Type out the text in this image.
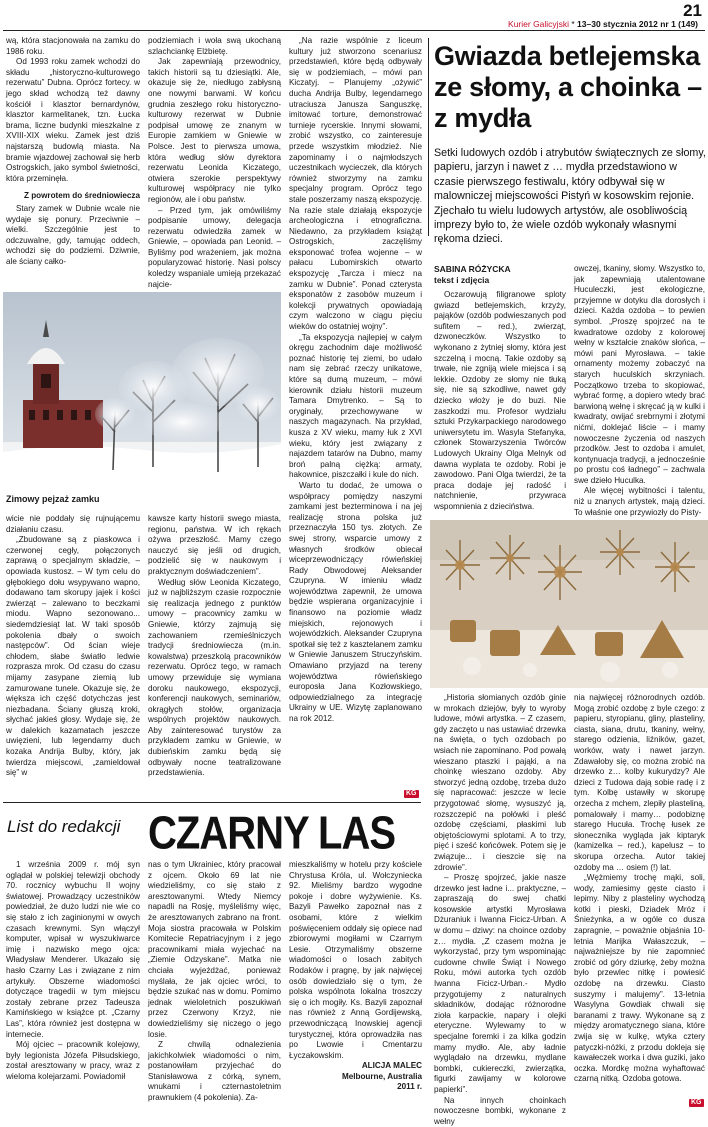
21
Kurier Galicyjski * 13–30 stycznia 2012 nr 1 (149)

wą, która stacjonowała na zamku do 1986 roku.

Od 1993 roku zamek wchodzi do składu „historyczno-kulturowego rezerwatu” Dubna. Oprócz fortecy. w jego skład wchodzą też dawny kościół i klasztor bernardynów, klasztor karmelitanek, tzn. Łucka brama, liczne budynki mieszkalne z XVIII-XIX wieku. Zamek jest dziś najstarszą budowlą miasta. Na bramie wjazdowej zachował się herb Ostrogskich, jako symbol świetności, która przeminęła.

Z powrotem do średniowiecza

Stary zamek w Dubnie wcale nie wydaje się ponury. Przeciwnie – wielki. Szczególnie jest to odczuwalne, gdy, tamując oddech, wchodzi się do podziemi. Dziwnie, ale ściany całko-

podziemiach i woła swą ukochaną szlachciankę Elżbietę.

Jak zapewniają przewodnicy, takich historii są tu dziesiątki. Ale, okazuje się że, niedługo zabłysną one nowymi barwami. W końcu grudnia zeszłego roku historyczno-kulturowy rezerwat w Dubnie podpisał umowę ze znanym w Europie zamkiem w Gniewie w Polsce. Jest to pierwsza umowa, która według słów dyrektora rezerwatu Leonida Kiczatego, otwiera szerokie perspektywy kulturowej współpracy nie tylko regionów, ale i obu państw.

– Przed tym, jak omówiliśmy podpisanie umowy, delegacja rezerwatu odwiedziła zamek w Gniewie, – opowiada pan Leonid. – Byliśmy pod wrażeniem, jak można popularyzować historię. Nasi polscy koledzy wspaniale umieją przekazać najcie-

Zimowy pejzaż zamku

wicie nie poddały się rujnującemu działaniu czasu.

„Zbudowane są z piaskowca i czerwonej cegły, połączonych zaprawą o specjalnym składzie, – opowiada kustosz. – W tym celu do głębokiego dołu wsypywano wapno, dodawano tam skorupy jajek i kości zwierząt – zalewano to beczkami miodu. Wapno sezonowano... siedemdziesiąt lat. W taki sposób pokolenia dbały o swoich następców”. Od ścian wieje chłodem, słabe światło ledwie rozprasza mrok. Od czasu do czasu mijamy zasypane ziemią lub zamurowane tunele. Okazuje się, że większa ich część dotychczas jest niezbadana. Ściany głuszą kroki, słychać jakieś głosy. Wydaje się, że w dalekich kazamatach jeszcze uwięzieni, lub legendarny duch kozaka Andrija Bulby, który, jak twierdza miejscowi, „zamieldował się” w

kawsze karty historii swego miasta, regionu, państwa. W ich rękach ożywa przeszłość. Mamy czego nauczyć się jeśli od drugich, podzielić się w naukowym i praktycznym doświadczeniem”.

Według słów Leonida Kiczatego, już w najbliższym czasie rozpocznie się realizacja jednego z punktów umowy – pracownicy zamku w Gniewie, którzy zajmują się zachowaniem rzemieślniczych tradycji średniowiecza (m.in. kowalstwa) przeszkolą pracowników rezerwatu. Oprócz tego, w ramach umowy przewiduje się wymiana doroku naukowego, ekspozycji, konferencji naukowych, seminariów, okrągłych stołów, organizacja wspólnych projektów naukowych. Aby zainteresować turystów za przykładem zamku w Gniewie, w dubieńskim zamku będą się odbywały nocne teatralizowane przedstawienia.

„Na razie wspólnie z liceum kultury już stworzono scenariusz przedstawień, które będą odbywały się w podziemiach, – mówi pan Kiczatyj. – Planujemy „ożywić” ducha Andrija Bulby, legendarnego utraciusza Janusza Sanguszkę, imitować torture, demonstrować turnieje rycerskie. Innymi słowami, zrobić wszystko, co zainteresuje przede wszystkim młodzież. Nie zapominamy i o najmłodszych uczestnikach wycieczek, dla których również stworzymy na zamku specjalny program. Oprócz tego stale poszerzamy naszą ekspozycję. Na razie stale działają ekspozycje archeologiczna i etnograficzna. Niedawno, za przykładem książąt Ostrogskich, zaczęliśmy eksponować trofea wojenne – w pałacu Lubomirskich otwarto ekspozycję „Tarcza i miecz na zamku w Dubnie”. Ponad czterysta eksponatów z zasobów muzeum i kolekcji prywatnych opowiadają czym walczono w ciągu pięciu wieków do ostatniej wojny”.

„Ta ekspozycja najlepiej w całym okręgu zachodnim daje możliwość poznać historię tej ziemi, bo udało nam się zebrać rzeczy unikatowe, które są dumą muzeum, – mówi kierownik działu historii muzeum Tamara Dmytrenko. – Są to oryginały, przechowywane w naszych magazynach. Na przykład, kusza z XV wieku, mamy łuk z XVI wieku, który jest związany z najazdem tatarów na Dubno, mamy broń palną ciężką: armaty, hakownice, piszczałki i kule do nich.

Warto tu dodać, że umowa o współpracy pomiędzy naszymi zamkami jest bezterminowa i na jej realizację strona polska już przeznaczyła 150 tys. złotych. Ze swej strony, wsparcie umowy z własnych środków obiecał wiceprzewodniczący rówieńskiej Rady Obwodowej Aleksander Czupryna. W imieniu władz województwa zapewnił, że umowa będzie wspierana organizacyjnie i finansowo na poziomie władz miejskich, rejonowych i wojewódzkich. Aleksander Czupryna spotkał się też z kasztelanem zamku w Gniewie Januszem Struczyńskim. Omawiano przyjazd na tereny województwa rówieńskiego europosła Jana Kozłowskiego, odpowiedzialnego za integrację Ukrainy w UE. Wizytę zaplanowano na rok 2012.

KG
Gwiazda betlejemska ze słomy, a choinka – z mydła
Setki ludowych ozdób i atrybutów świątecznych ze słomy, papieru, jarzyn i nawet z … mydła przedstawiono w czasie pierwszego festiwalu, który odbywał się w malowniczej miejscowości Pistyń w kosowskim rejonie. Zjechało tu wielu ludowych artystów, ale osobliwością imprezy było to, że wiele ozdób wykonały własnymi rękoma dzieci.
SABINA RÓŻYCKA
tekst i zdjęcia

Oczarowują filigranowe sploty gwiazd betlejemskich, krzyży, pająków (ozdób podwieszanych pod sufitem – red.), zwierząt, dzwoneczków. Wszystko to wykonano z żytniej słomy, która jest szczelną i mocną. Takie ozdoby są trwałe, nie zgniją wiele miejsca i są lekkie. Ozdoby ze słomy nie tłuką się, nie są szkodliwe, nawet gdy dziecko włoży je do buzi. Nie zaszkodzi mu. Profesor wydziału sztuki Przykarpackiego narodowego uniwersytetu im. Wasyla Stefanyka, członek Stowarzyszenia Twórców Ludowych Ukrainy Olga Melnyk od dawna wyplata te ozdoby. Robi je zawodowo. Pani Olga twierdzi, że ta praca dodaje jej radość i natchnienie, przywraca wspomnienia z dzieciństwa.

owczej, tkaniny, słomy. Wszystko to, jak zapewniają utalentowane Huculeczki, jest ekologiczne, przyjemne w dotyku dla dorosłych i dzieci. Każda ozdoba – to pewien symbol. „Proszę spojrzeć na te kwadratowe ozdoby z kolorowej wełny w kształcie znaków słońca, – mówi pani Myrosława. – takie ornamenty możemy zobaczyć na starych huculskich skrzyniach. Początkowo trzeba to skopiować, wybrać formę, a dopiero wtedy brać barwioną wełnę i skręcać ją w kulki i kwadraty, owijać srebrnymi i złotymi nićmi, doklejać liście – i mamy nowoczesne życzenia od naszych przodków. Jest to ozdoba i amulet, kontynuacja tradycji, a jednocześnie po prostu coś ładnego” – zachwala swe dzieło Huculka.

Ale więcej wybitności i talentu, niż u znanych artystek, mają dzieci. To właśnie one przywiozły do Pisty-

„Historia słomianych ozdób ginie w mrokach dziejów, były to wyroby ludowe, mówi artystka. – Z czasem, gdy zaczęto u nas ustawiać drzewka na święta, o tych ozdobach po wsiach nie zapominano. Pod powałą wieszano ptaszki i pająki, a na choinkę wieszano ozdoby. Aby stworzyć jedną ozdobę, trzeba dużo się napracować: jeszcze w lecie przygotować słomę, wysuszyć ją, rozszczepić na połówki i pleść ozdobę częściami, płaskimi lub objętościowymi splotami. A to trzy, pięć i sześć końcówek. Potem się je związuje... i cieszcie się na zdrowie”.

– Proszę spojrzeć, jakie nasze drzewko jest ładne i... praktyczne, – zapraszają do swej chatki kosowskie artystki Myrosława Dżuraniuk i Iwanna Ficicz-Urban. A w domu – dziwy: na choince ozdoby z… mydła. „Z czasem można je wykorzystać, przy tym wspominając cudowne chwile Świąt i Nowego Roku, mówi autorka tych ozdób Iwanna Ficicz-Urban.- Mydło przygotujemy z naturalnych składników, dodając różnorodne zioła karpackie, napary i olejki eteryczne. Wylewamy to w specjalne foremki i za kilka godzin mamy mydło. Ale, aby ładnie wyglądało na drzewku, mydlane bombki, cukiereczki, zwierzątka, figurki zawijamy w kolorowe papierki”.

Na innych choinkach nowoczesne bombki, wykonane z wełny

nia najwięcej różnorodnych ozdób. Mogą zrobić ozdobę z byle czego: z papieru, styropianu, gliny, plasteliny, ciasta, siana, drutu, tkaniny, wełny, starego odzienia, liźników, gazet, worków, waty i nawet jarzyn. Zdawałoby się, co można zrobić na drzewko z… kolby kukurydzy? Ale dzieci z Tudowa dają sobie radę i z tym. Kolbę ustawiły w skorupę orzecha z mchem, zlepiły plasteliną, pomalowały i mamy… podobiznę starego Hucuła. Trochę łusek ze słonecznika wygląda jak kiptaryk (kamizelka – red.), kapelusz – to skorupa orzecha. Autor takiej ozdoby ma … osiem (!) lat.

„Wężmiemy trochę mąki, soli, wody, zamiesimy gęste ciasto i lepimy. Niby z plasteliny wychodzą kotki i pieski, Dziadek Mróz i Śnieżynka, a w ogóle co dusza zapragnie, – poważnie objaśnia 10-letnia Marijka Wałaszczuk, – najważniejsze by nie zapomnieć zrobić od góry dziurkę, żeby można było przewlec nitkę i powiesić ozdobę na drzewku. Ciasto suszymy i malujemy”. 13-letnia Wasylyna Gowdiak chwali się baranami z trawy. Wykonane są z między aromatycznego siana, które zwija się w kulkę, wtyka cztery patyczki-nóżki, z przodu dokleja się kawałeczek worka i dwa guziki, jako oczka. Mordkę można wyhaftować czarną nitką. Ozdoba gotowa.

KG
List do redakcji CZARNY LAS

1 września 2009 r. mój syn oglądał w polskiej telewizji obchody 70. rocznicy wybuchu II wojny światowej. Prowadzący uczestników powiedział, że dużo ludzi nie wie co się stało z ich zaginionymi w owych czasach krewnymi. Syn włączył komputer, wpisał w wyszukiwarce imię i nazwisko mego ojca: Władysław Menderer. Ukazało się hasło Czarny Las i związane z nim artykuły. Obszerne wiadomości dotyczące tragedii w tym miejscu zostały zebrane przez Tadeusza Kamińskiego w książce pt. „Czarny Las”, która również jest dostępna w internecie.

Mój ojciec – pracownik kolejowy, były legionista Józefa Piłsudskiego, został aresztowany w pracy, wraz z wieloma kolejarzami. Powiadomił

nas o tym Ukrainiec, który pracował z ojcem. Około 69 lat nie wiedzieliśmy, co się stało z aresztowanymi. Wtedy Niemcy napadli na Rosję, myśleliśmy więc, że aresztowanych zabrano na front. Moja siostra pracowała w Polskim Komitecie Repatriacyjnym i z jego pracownikami miała wyjechać na „Ziemie Odzyskane”. Matka nie chciała wyjeżdżać, ponieważ myślała, że jak ojciec wróci, to będzie szukać nas w domu. Pomimo jednak wieloletnich poszukiwań przez Czerwony Krzyż, nie dowiedzieliśmy się niczego o jego losie.

Z chwilą odnalezienia jakichkolwiek wiadomości o nim, postanowiłam przyjechać do Stanisławowa z córką, synem, wnukami i czternastoletnim prawnukiem (4 pokolenia). Za-

mieszkaliśmy w hotelu przy kościele Chrystusa Króla, ul. Wołczyniecka 92. Mieliśmy bardzo wygodne pokoje i dobre wyżywienie. Ks. Bazyli Pawełko zapoznał nas z osobami, które z wielkim poświęceniem oddały się opiece nad zbiorowymi mogiłami w Czarnym Lesie. Otrzymaliśmy obszerne wiadomości o losach zabitych Rodaków i pragnę, by jak najwięcej osób dowiedziało się o tym, że polska wspólnota lokalna troszczy się o ich mogiły. Ks. Bazyli zapoznał nas również z Anną Gordijewską, przewodniczącą Inowskiej agencji turystycznej, która oprowadziła nas po Lwowie i Cmentarzu Łyczakowskim.

ALICJA MALEC
Melbourne, Australia
2011 r.
